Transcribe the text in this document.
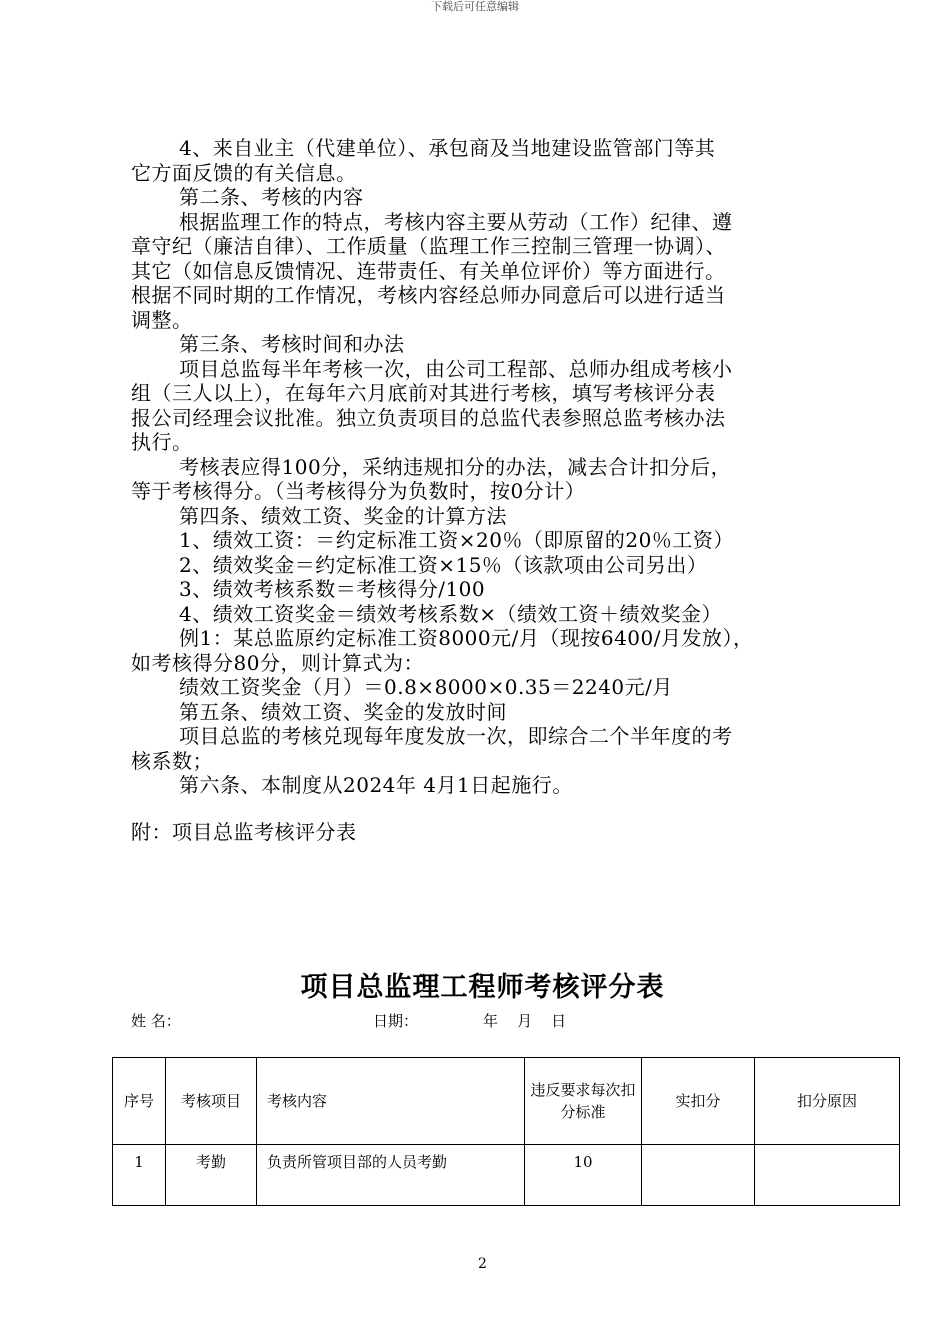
下载后可任意编辑

4、来自业主（代建单位）、承包商及当地建设监管部门等其

它方面反馈的有关信息。

第二条、考核的内容

根据监理工作的特点，考核内容主要从劳动（工作）纪律、遵

章守纪（廉洁自律）、工作质量（监理工作三控制三管理一协调）、

其它（如信息反馈情况、连带责任、有关单位评价）等方面进行。

根据不同时期的工作情况，考核内容经总师办同意后可以进行适当

调整。

第三条、考核时间和办法

项目总监每半年考核一次，由公司工程部、总师办组成考核小

组（三人以上），在每年六月底前对其进行考核，填写考核评分表

报公司经理会议批准。独立负责项目的总监代表参照总监考核办法

执行。

考核表应得100分，采纳违规扣分的办法，减去合计扣分后，

等于考核得分。（当考核得分为负数时，按0分计）

第四条、绩效工资、奖金的计算方法

1、绩效工资：＝约定标准工资×20％（即原留的20％工资）

2、绩效奖金＝约定标准工资×15％（该款项由公司另出）

3、绩效考核系数＝考核得分/100

4、绩效工资奖金＝绩效考核系数×（绩效工资＋绩效奖金）

例1：某总监原约定标准工资8000元/月（现按6400/月发放），

如考核得分80分，则计算式为：

绩效工资奖金（月）＝0.8×8000×0.35＝2240元/月

第五条、绩效工资、奖金的发放时间

项目总监的考核兑现每年度发放一次，即综合二个半年度的考

核系数；

第六条、本制度从2024年 4月1日起施行。

附：项目总监考核评分表

项目总监理工程师考核评分表
姓 名：	日期：	年    月    日
序号	考核项目	考核内容	违反要求每次扣分标准	实扣分	扣分原因
1	考勤	负责所管项目部的人员考勤	10		
2
